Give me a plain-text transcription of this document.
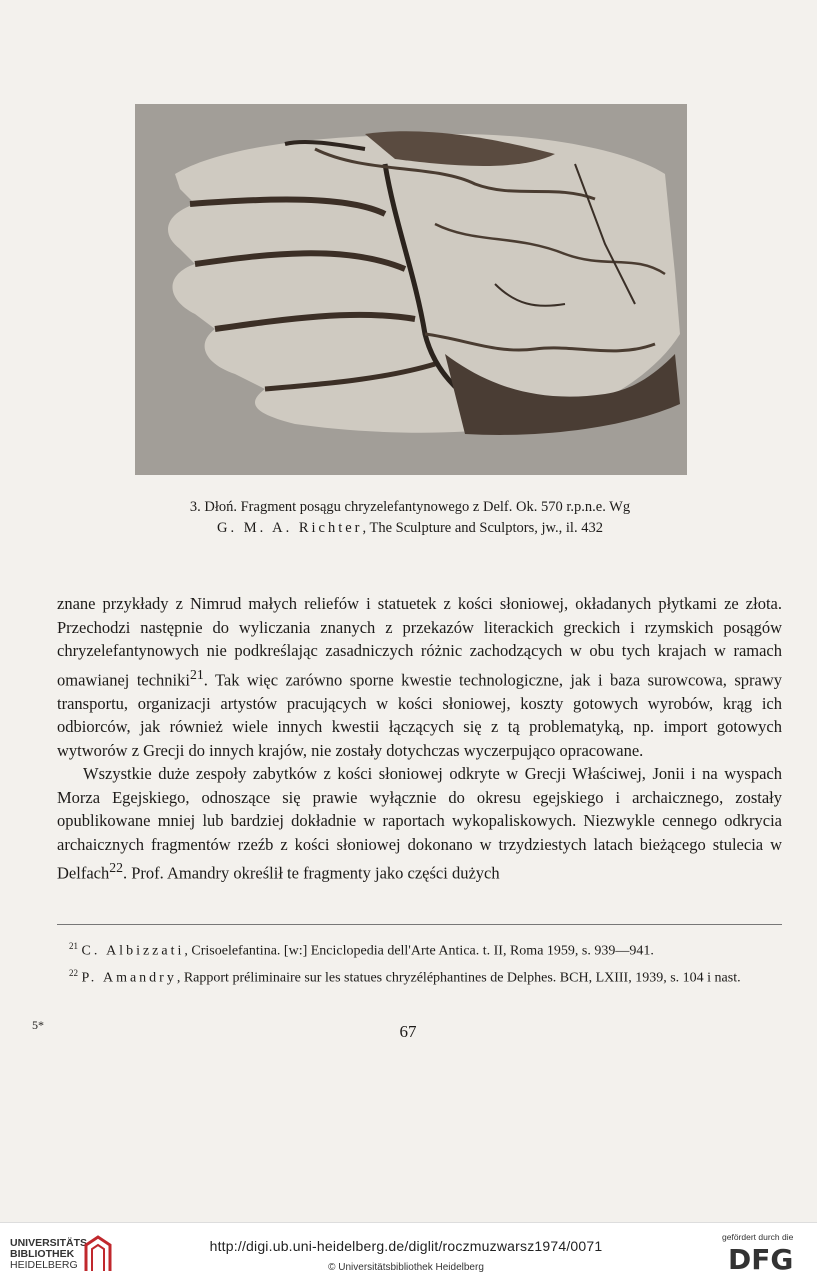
3. Dłoń. Fragment posągu chryzelefantynowego z Delf. Ok. 570 r.p.n.e. Wg
G. M. A. Richter, The Sculpture and Sculptors, jw., il. 432

znane przykłady z Nimrud małych reliefów i statuetek z kości słoniowej, okładanych płytkami ze złota. Przechodzi następnie do wyliczania znanych z przekazów literackich greckich i rzymskich posągów chryzelefantynowych nie podkreślając zasadniczych różnic zachodzących w obu tych krajach w ramach omawianej techniki$^{21}$. Tak więc zarówno sporne kwestie technologiczne, jak i baza surowcowa, sprawy transportu, organizacji artystów pracujących w kości słoniowej, koszty gotowych wyrobów, krąg ich odbiorców, jak również wiele innych kwestii łączących się z tą problematyką, np. import gotowych wytworów z Grecji do innych krajów, nie zostały dotychczas wyczerpująco opracowane.

Wszystkie duże zespoły zabytków z kości słoniowej odkryte w Grecji Właściwej, Jonii i na wyspach Morza Egejskiego, odnoszące się prawie wyłącznie do okresu egejskiego i archaicznego, zostały opublikowane mniej lub bardziej dokładnie w raportach wykopaliskowych. Niezwykle cennego odkrycia archaicznych fragmentów rzeźb z kości słoniowej dokonano w trzydziestych latach bieżącego stulecia w Delfach$^{22}$. Prof. Amandry określił te fragmenty jako części dużych

$^{21}$ C. Albizzati, Crisoelefantina. [w:] Enciclopedia dell'Arte Antica. t. II, Roma 1959, s. 939—941.

$^{22}$ P. Amandry, Rapport préliminaire sur les statues chryzéléphantines de Delphes. BCH, LXIII, 1939, s. 104 i nast.

5*	67
UNIVERSITÄTS-
BIBLIOTHEK
HEIDELBERG
http://digi.ub.uni-heidelberg.de/diglit/roczmuzwarsz1974/0071
© Universitätsbibliothek Heidelberg
gefördert durch die
DFG
